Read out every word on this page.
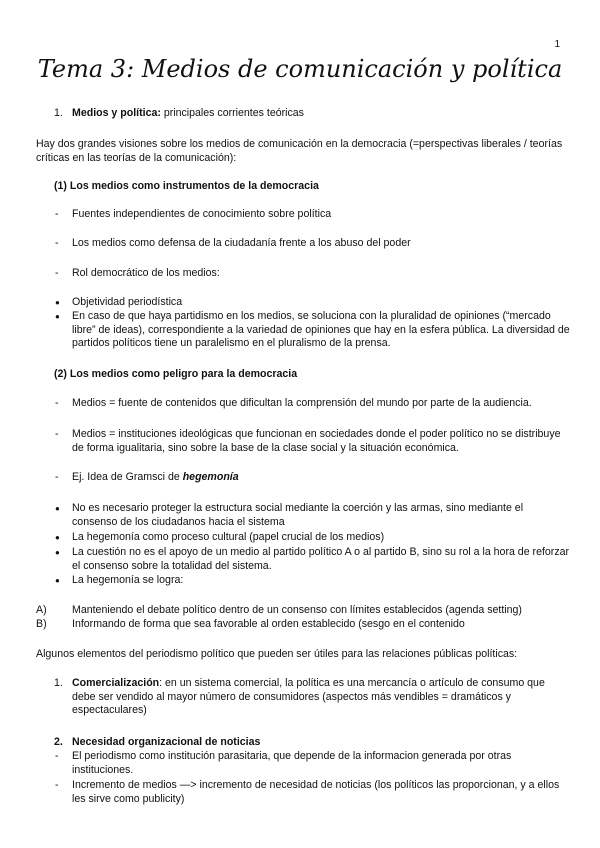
1
Tema 3: Medios de comunicación y política
1. Medios y política: principales corrientes teóricas
Hay dos grandes visiones sobre los medios de comunicación en la democracia (=perspectivas liberales / teorías críticas en las teorías de la comunicación):
(1) Los medios como instrumentos de la democracia
- Fuentes independientes de conocimiento sobre política
- Los medios como defensa de la ciudadanía frente a los abuso del poder
- Rol democrático de los medios:
● Objetividad periodística
● En caso de que haya partidismo en los medios, se soluciona con la pluralidad de opiniones (“mercado libre” de ideas), correspondiente a la variedad de opiniones que hay en la esfera pública. La diversidad de partidos políticos tiene un paralelismo en el pluralismo de la prensa.
(2) Los medios como peligro para la democracia
- Medios = fuente de contenidos que dificultan la comprensión del mundo por parte de la audiencia.
- Medios = instituciones ideológicas que funcionan en sociedades donde el poder político no se distribuye de forma igualitaria, sino sobre la base de la clase social y la situación económica.
- Ej. Idea de Gramsci de hegemonía
● No es necesario proteger la estructura social mediante la coerción y las armas, sino mediante el consenso de los ciudadanos hacia el sistema
● La hegemonía como proceso cultural (papel crucial de los medios)
● La cuestión no es el apoyo de un medio al partido político A o al partido B, sino su rol a la hora de reforzar el consenso sobre la totalidad del sistema.
● La hegemonía se logra:
A) Manteniendo el debate político dentro de un consenso con límites establecidos (agenda setting)
B) Informando de forma que sea favorable al orden establecido (sesgo en el contenido
Algunos elementos del periodismo político que pueden ser útiles para las relaciones públicas políticas:
1. Comercialización: en un sistema comercial, la política es una mercancía o artículo de consumo que debe ser vendido al mayor número de consumidores (aspectos más vendibles = dramáticos y espectaculares)
2. Necesidad organizacional de noticias
- El periodismo como institución parasitaria, que depende de la informacion generada por otras instituciones.
- Incremento de medios —> incremento de necesidad de noticias (los políticos las proporcionan, y a ellos les sirve como publicity)
